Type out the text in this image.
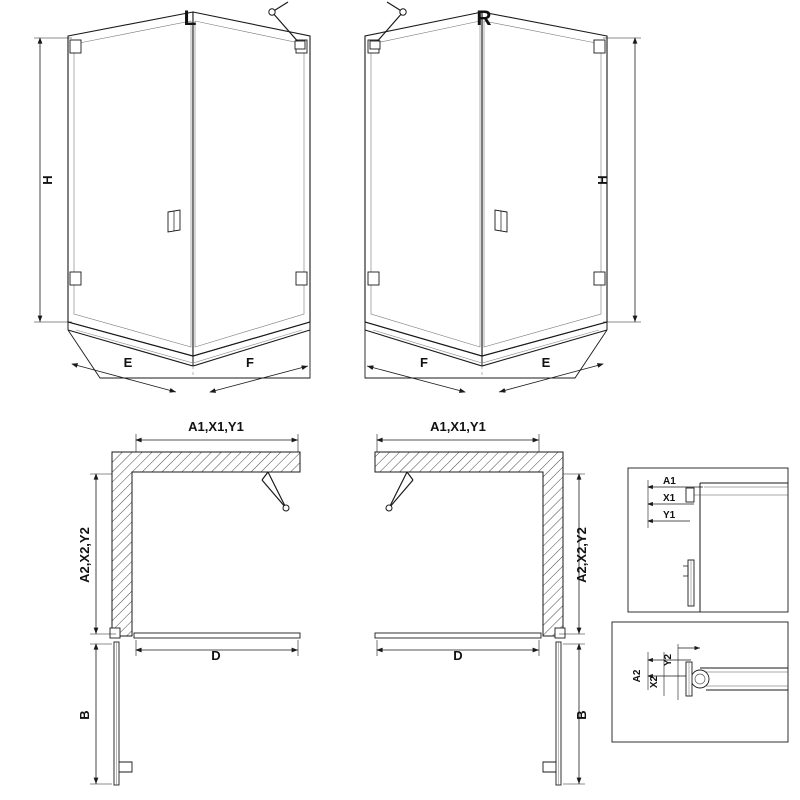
L	R
H
E	F
H
E
F
A1,X1,Y1
A2,X2,Y2
D
B
A1,X1,Y1
A2,X2,Y2
D
B
A1
X1
Y1
A2 X2
Y2
